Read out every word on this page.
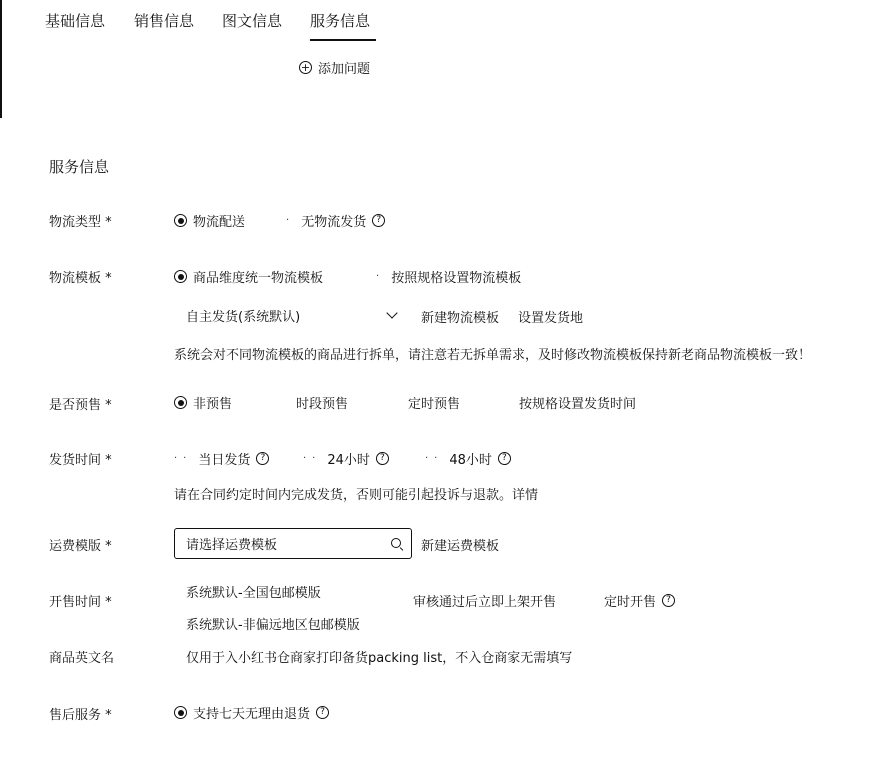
基础信息 销售信息 图文信息 服务信息
+ 添加问题
服务信息
物流类型 *	物流配送	· 无物流发货	?
物流模板 *	商品维度统一物流模板	· 按照规格设置物流模板
自主发货(系统默认)	新建物流模板 设置发货地
系统会对不同物流模板的商品进行拆单，请注意若无拆单需求，及时修改物流模板保持新老商品物流模板一致！
是否预售 *	非预售	时段预售	定时预售	按规格设置发货时间
发货时间 *	·· 当日发货	?	·· 24小时	?	·· 48小时	?
请在合同约定时间内完成发货，否则可能引起投诉与退款。详情
运费模版 *	请选择运费模板	新建运费模板
系统默认-全国包邮模版
系统默认-非偏远地区包邮模版
开售时间 *	审核通过后立即上架开售	定时开售	?
商品英文名	仅用于入小红书仓商家打印备货packing list，不入仓商家无需填写
售后服务 *	支持七天无理由退货	?
